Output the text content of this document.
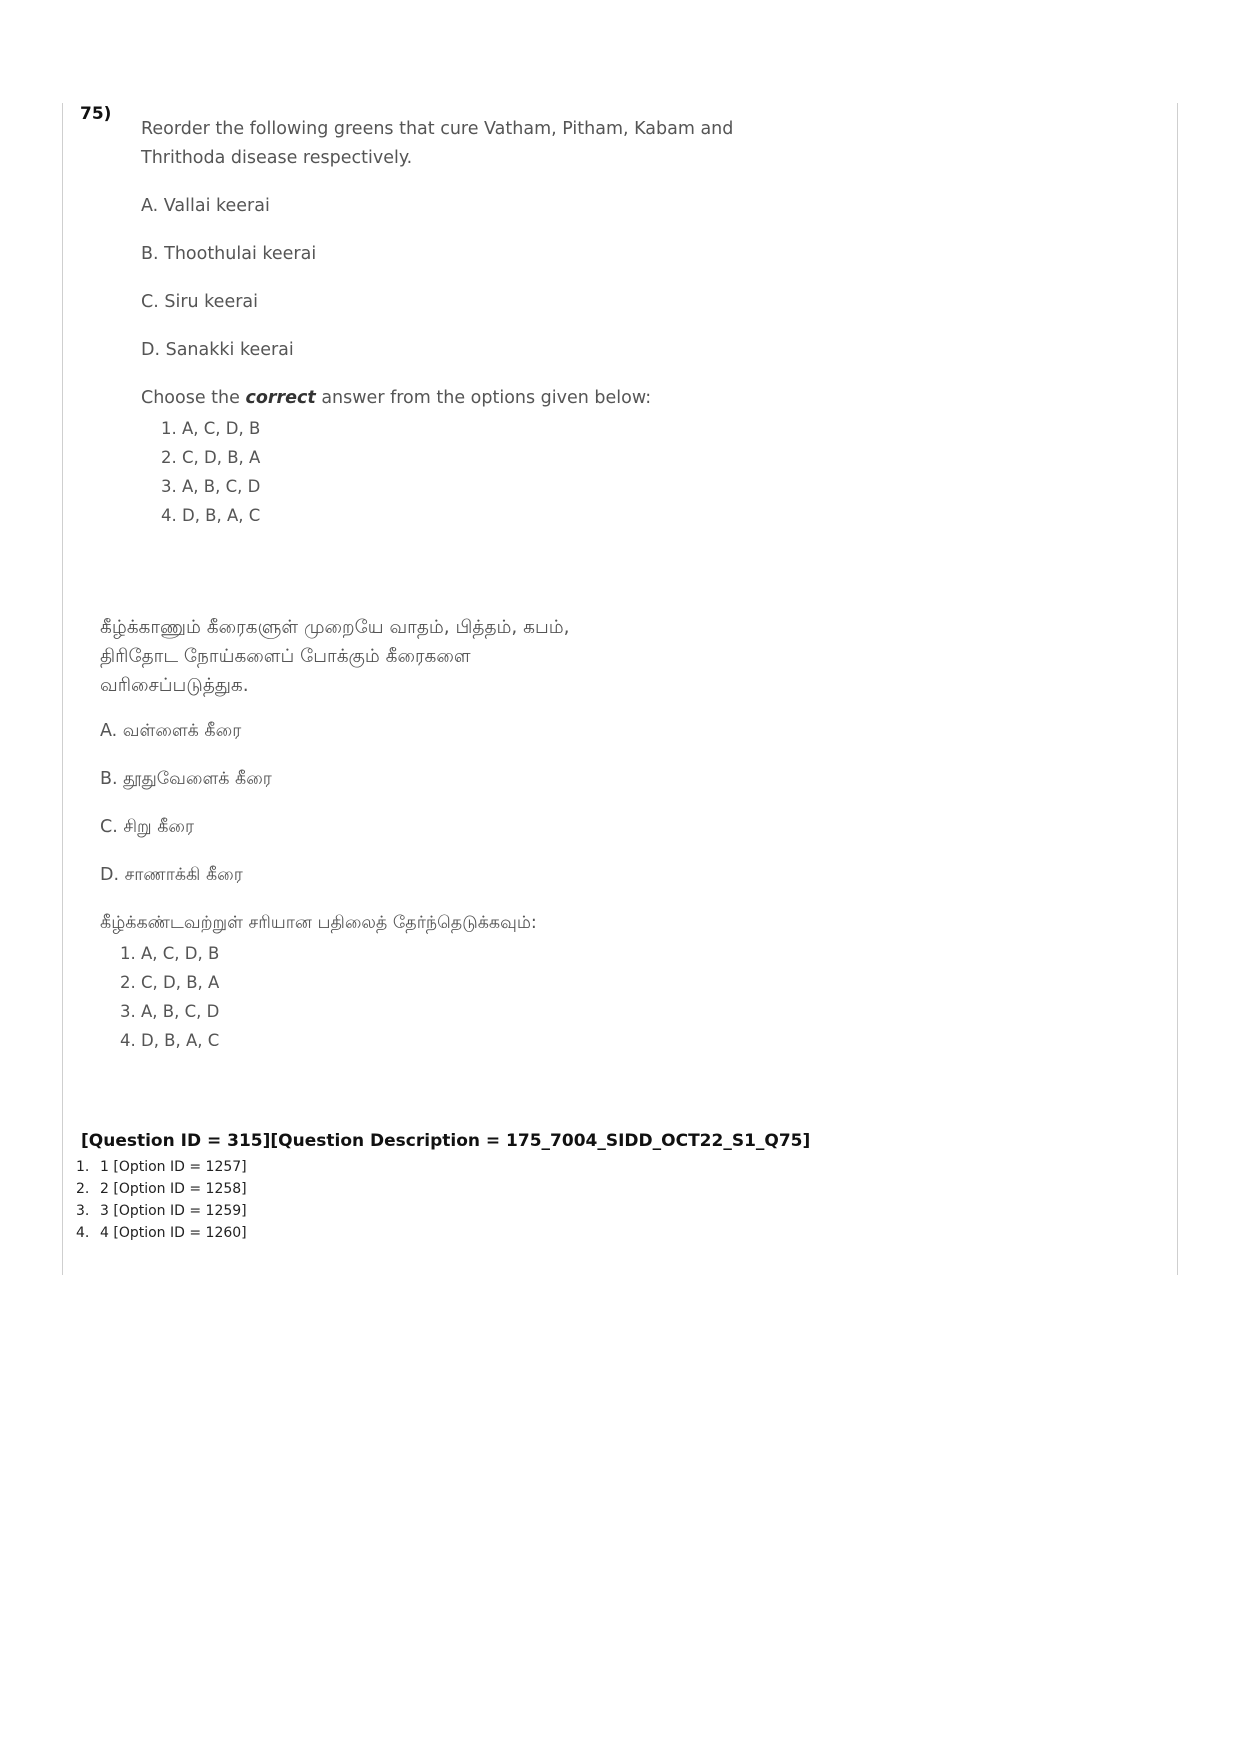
75)

Reorder the following greens that cure Vatham, Pitham, Kabam and

Thrithoda disease respectively.

A. Vallai keerai

B. Thoothulai keerai

C. Siru keerai

D. Sanakki keerai

Choose the correct answer from the options given below:

1. A, C, D, B
2. C, D, B, A
3. A, B, C, D
4. D, B, A, C

கீழ்க்காணும் கீரைகளுள் முறையே வாதம், பித்தம், கபம்,

திரிதோட நோய்களைப் போக்கும் கீரைகளை

வரிசைப்படுத்துக.

A. வள்ளைக் கீரை

B. தூதுவேளைக் கீரை

C. சிறு கீரை

D. சாணாக்கி கீரை

கீழ்க்கண்டவற்றுள் சரியான பதிலைத் தேர்ந்தெடுக்கவும்:

1. A, C, D, B
2. C, D, B, A
3. A, B, C, D
4. D, B, A, C
[Question ID = 315][Question Description = 175_7004_SIDD_OCT22_S1_Q75]
1. 1 [Option ID = 1257]
2. 2 [Option ID = 1258]
3. 3 [Option ID = 1259]
4. 4 [Option ID = 1260]
